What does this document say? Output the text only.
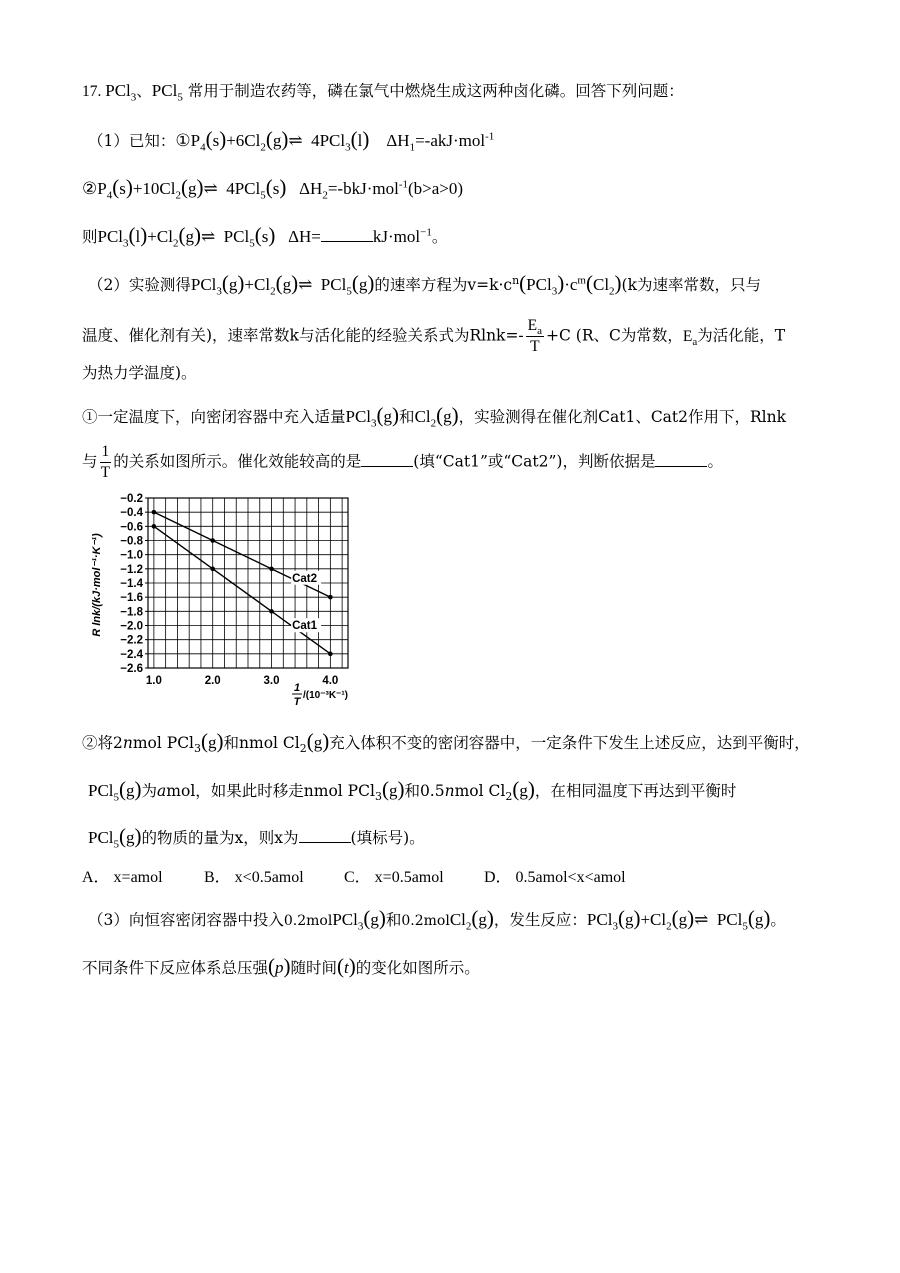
17. PCl$_3$、PCl$_5$ 常用于制造农药等，磷在氯气中燃烧生成这两种卤化磷。回答下列问题：
（1）已知：$①P_4(s)+6Cl_2(g)\rightleftharpoons$  4PCl$_3$(l)    $\Delta H_1=-akJ\cdot mol^{-1}$
$②P_4(s)+10Cl_2(g)\rightleftharpoons$  4PCl$_5$(s)   $\Delta H_2=-bkJ\cdot mol^{-1}(b>a>0)$
则$PCl_3(l)+Cl_2(g)\rightleftharpoons$  PCl$_5$(s)   ΔH=	kJ·mol$^{-1}$。
（2）实验测得$PCl_3(g)+Cl_2(g)\rightleftharpoons$  PCl$_5$(g)的速率方程为$v=k\cdot c^n(PCl_3)\cdot c^m(Cl_2)(k$为速率常数，只与
温度、催化剂有关)，速率常数k与活化能的经验关系式为$Rlnk=- \frac{E_a}{T} +C$ (R、C为常数，$E_a$为活化能，T
为热力学温度)。
①一定温度下，向密闭容器中充入适量PCl$_3$(g)和$Cl_2(g)$，实验测得在催化剂Cat1、Cat2作用下，Rlnk
与 $\frac{1}{T}$ 的关系如图所示。催化效能较高的是	(填“Cat1”或“Cat2”)，判断依据是	。
−0.2
−0.4
−0.6
−0.8
−1.0
−1.2
−1.4
−1.6
−1.8
−2.0
−2.2
−2.4
−2.6
1.0	2.0	3.0	4.0
Cat2
Cat1
R lnk/(kJ·mol⁻¹·K⁻¹)
/(10⁻³K⁻¹)
1
T
②将2nmol PCl$_3$(g)和nmol $Cl_2(g)$充入体积不变的密闭容器中，一定条件下发生上述反应，达到平衡时，
PCl$_5$(g)为amol，如果此时移走nmol PCl$_3$(g)和0.5nmol $Cl_2(g)$，在相同温度下再达到平衡时
PCl$_5$(g)的物质的量为x，则x为	(填标号)。
A． x=amol	B． x<0.5amol	C． x=0.5amol	D． 0.5amol<x<amol
（3）向恒容密闭容器中投入0.2molPCl$_3$(g)和0.2molCl$_2$(g)，发生反应：$PCl_3(g)+Cl_2(g)\rightleftharpoons$  PCl$_5$(g)。
不同条件下反应体系总压强(p)随时间(t)的变化如图所示。
